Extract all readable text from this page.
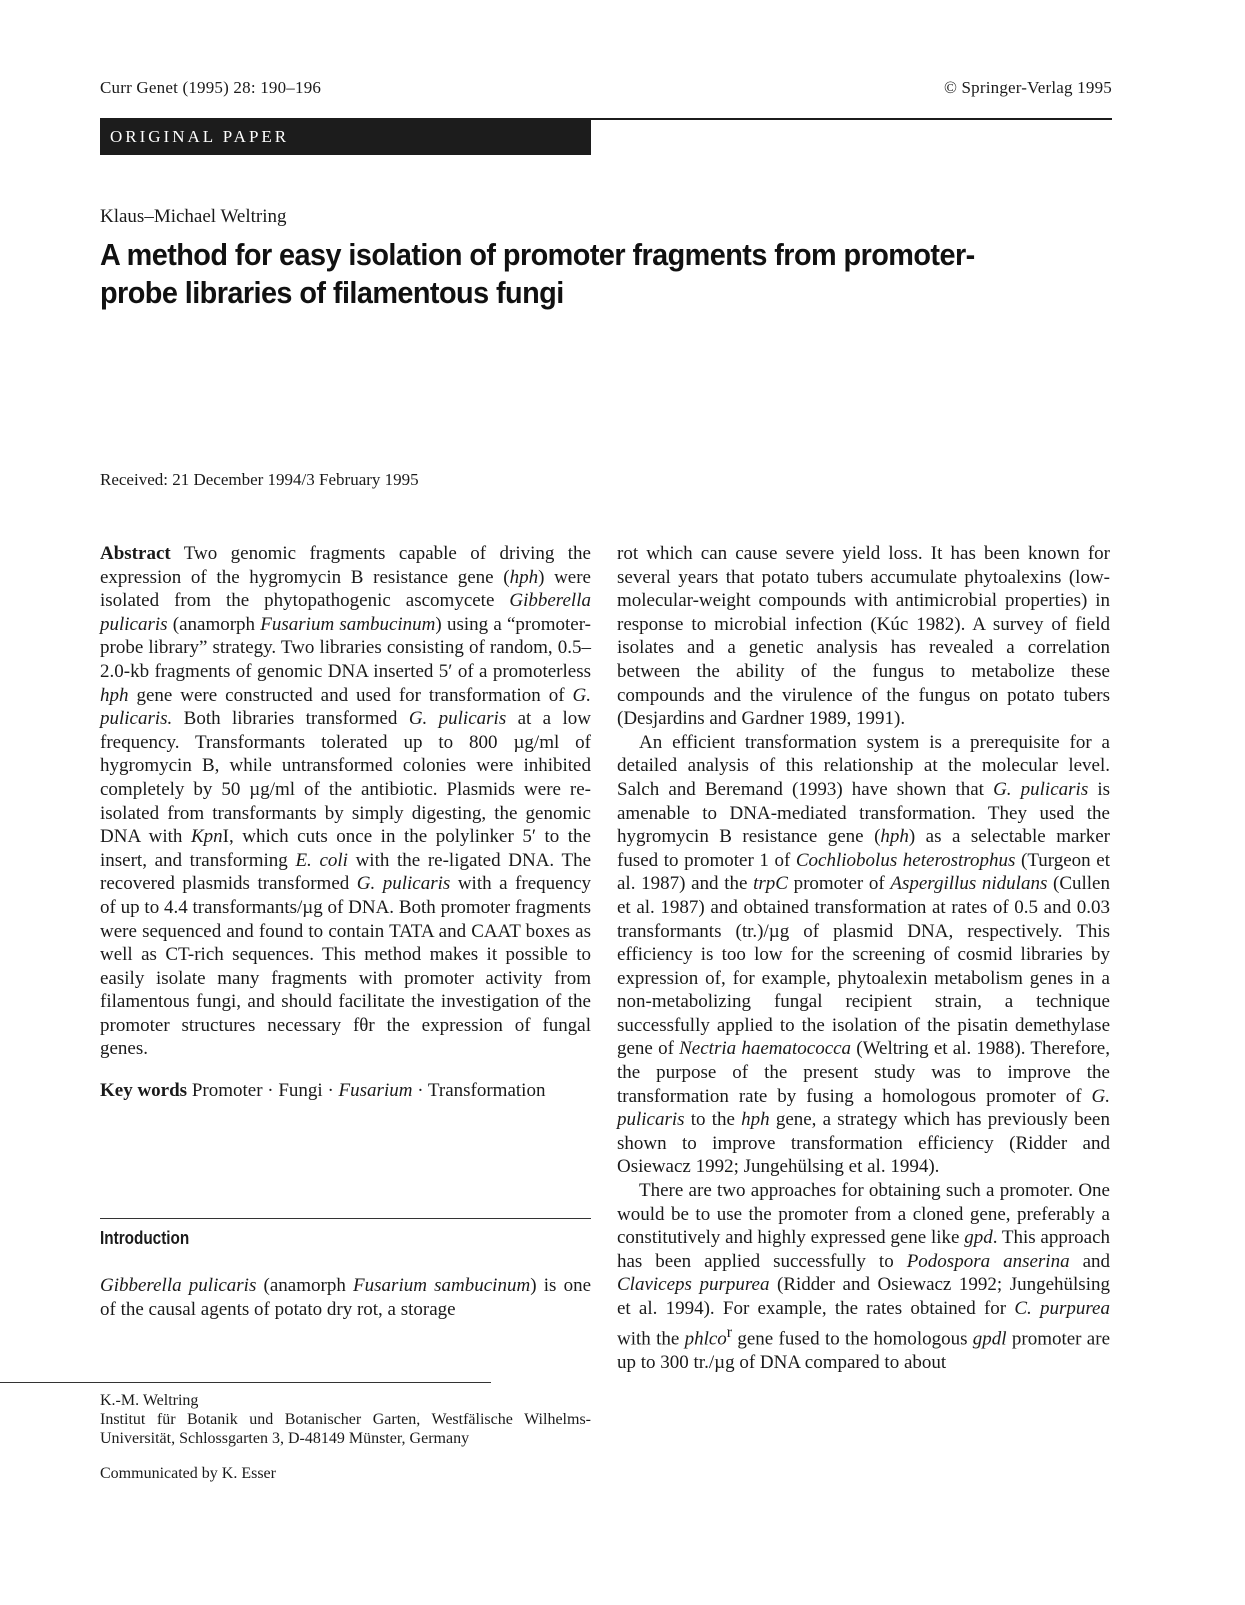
Curr Genet (1995) 28: 190–196	© Springer-Verlag 1995
ORIGINAL PAPER
Klaus–Michael Weltring
A method for easy isolation of promoter fragments from promoter-probe libraries of filamentous fungi
Received: 21 December 1994/3 February 1995

Abstract Two genomic fragments capable of driving the expression of the hygromycin B resistance gene (hph) were isolated from the phytopathogenic ascomycete Gibberella pulicaris (anamorph Fusarium sambucinum) using a “promoter-probe library” strategy. Two libraries consisting of random, 0.5–2.0-kb fragments of genomic DNA inserted 5′ of a promoterless hph gene were constructed and used for transformation of G. pulicaris. Both libraries transformed G. pulicaris at a low frequency. Transformants tolerated up to 800 µg/ml of hygromycin B, while untransformed colonies were inhibited completely by 50 µg/ml of the antibiotic. Plasmids were re-isolated from transformants by simply digesting, the genomic DNA with KpnI, which cuts once in the polylinker 5′ to the insert, and transforming E. coli with the re-ligated DNA. The recovered plasmids transformed G. pulicaris with a frequency of up to 4.4 transformants/µg of DNA. Both promoter fragments were sequenced and found to contain TATA and CAAT boxes as well as CT-rich sequences. This method makes it possible to easily isolate many fragments with promoter activity from filamentous fungi, and should facilitate the investigation of the promoter structures necessary fθr the expression of fungal genes.

Key words Promoter · Fungi · Fusarium · Transformation

Introduction

Gibberella pulicaris (anamorph Fusarium sambucinum) is one of the causal agents of potato dry rot, a storage

K.-M. Weltring

Institut für Botanik und Botanischer Garten, Westfälische Wilhelms-Universität, Schlossgarten 3, D-48149 Münster, Germany

Communicated by K. Esser

rot which can cause severe yield loss. It has been known for several years that potato tubers accumulate phytoalexins (low-molecular-weight compounds with antimicrobial properties) in response to microbial infection (Kúc 1982). A survey of field isolates and a genetic analysis has revealed a correlation between the ability of the fungus to metabolize these compounds and the virulence of the fungus on potato tubers (Desjardins and Gardner 1989, 1991).

An efficient transformation system is a prerequisite for a detailed analysis of this relationship at the molecular level. Salch and Beremand (1993) have shown that G. pulicaris is amenable to DNA-mediated transformation. They used the hygromycin B resistance gene (hph) as a selectable marker fused to promoter 1 of Cochliobolus heterostrophus (Turgeon et al. 1987) and the trpC promoter of Aspergillus nidulans (Cullen et al. 1987) and obtained transformation at rates of 0.5 and 0.03 transformants (tr.)/µg of plasmid DNA, respectively. This efficiency is too low for the screening of cosmid libraries by expression of, for example, phytoalexin metabolism genes in a non-metabolizing fungal recipient strain, a technique successfully applied to the isolation of the pisatin demethylase gene of Nectria haematococca (Weltring et al. 1988). Therefore, the purpose of the present study was to improve the transformation rate by fusing a homologous promoter of G. pulicaris to the hph gene, a strategy which has previously been shown to improve transformation efficiency (Ridder and Osiewacz 1992; Jungehülsing et al. 1994).

There are two approaches for obtaining such a promoter. One would be to use the promoter from a cloned gene, preferably a constitutively and highly expressed gene like gpd. This approach has been applied successfully to Podospora anserina and Claviceps purpurea (Ridder and Osiewacz 1992; Jungehülsing et al. 1994). For example, the rates obtained for C. purpurea with the phlco$^r$ gene fused to the homologous gpdl promoter are up to 300 tr./µg of DNA compared to about
